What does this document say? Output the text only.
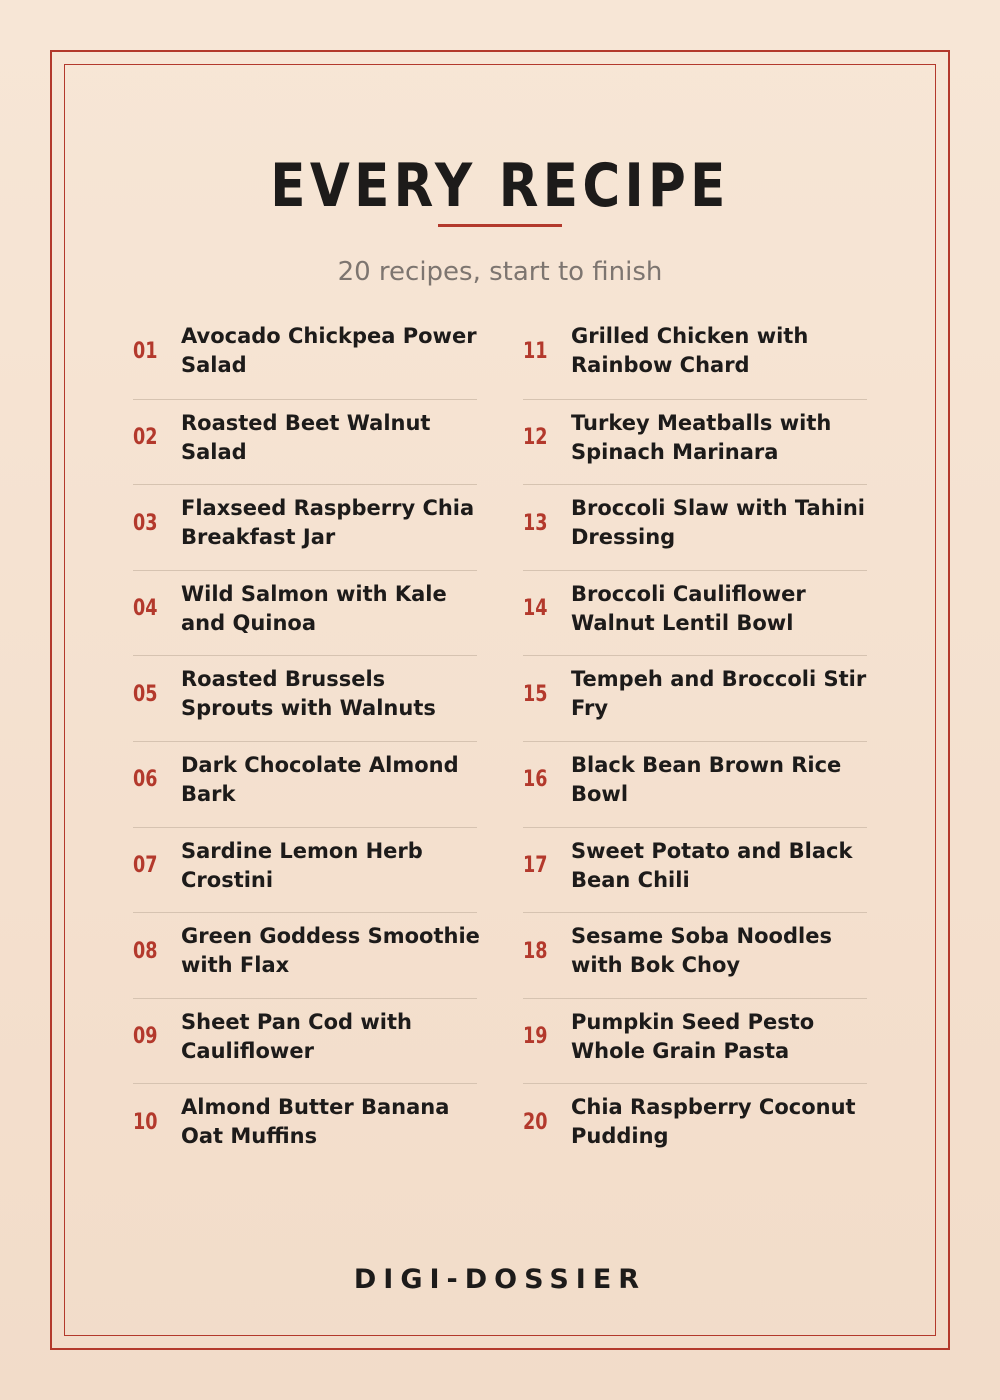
EVERY RECIPE
20 recipes, start to finish
01
Avocado Chickpea Power Salad
02
Roasted Beet Walnut Salad
03
Flaxseed Raspberry Chia Breakfast Jar
04
Wild Salmon with Kale and Quinoa
05
Roasted Brussels Sprouts with Walnuts
06
Dark Chocolate Almond Bark
07
Sardine Lemon Herb Crostini
08
Green Goddess Smoothie with Flax
09
Sheet Pan Cod with Cauliflower
10
Almond Butter Banana Oat Muffins
11
Grilled Chicken with Rainbow Chard
12
Turkey Meatballs with Spinach Marinara
13
Broccoli Slaw with Tahini Dressing
14
Broccoli Cauliflower Walnut Lentil Bowl
15
Tempeh and Broccoli Stir Fry
16
Black Bean Brown Rice Bowl
17
Sweet Potato and Black Bean Chili
18
Sesame Soba Noodles with Bok Choy
19
Pumpkin Seed Pesto Whole Grain Pasta
20
Chia Raspberry Coconut Pudding
DIGI-DOSSIER
